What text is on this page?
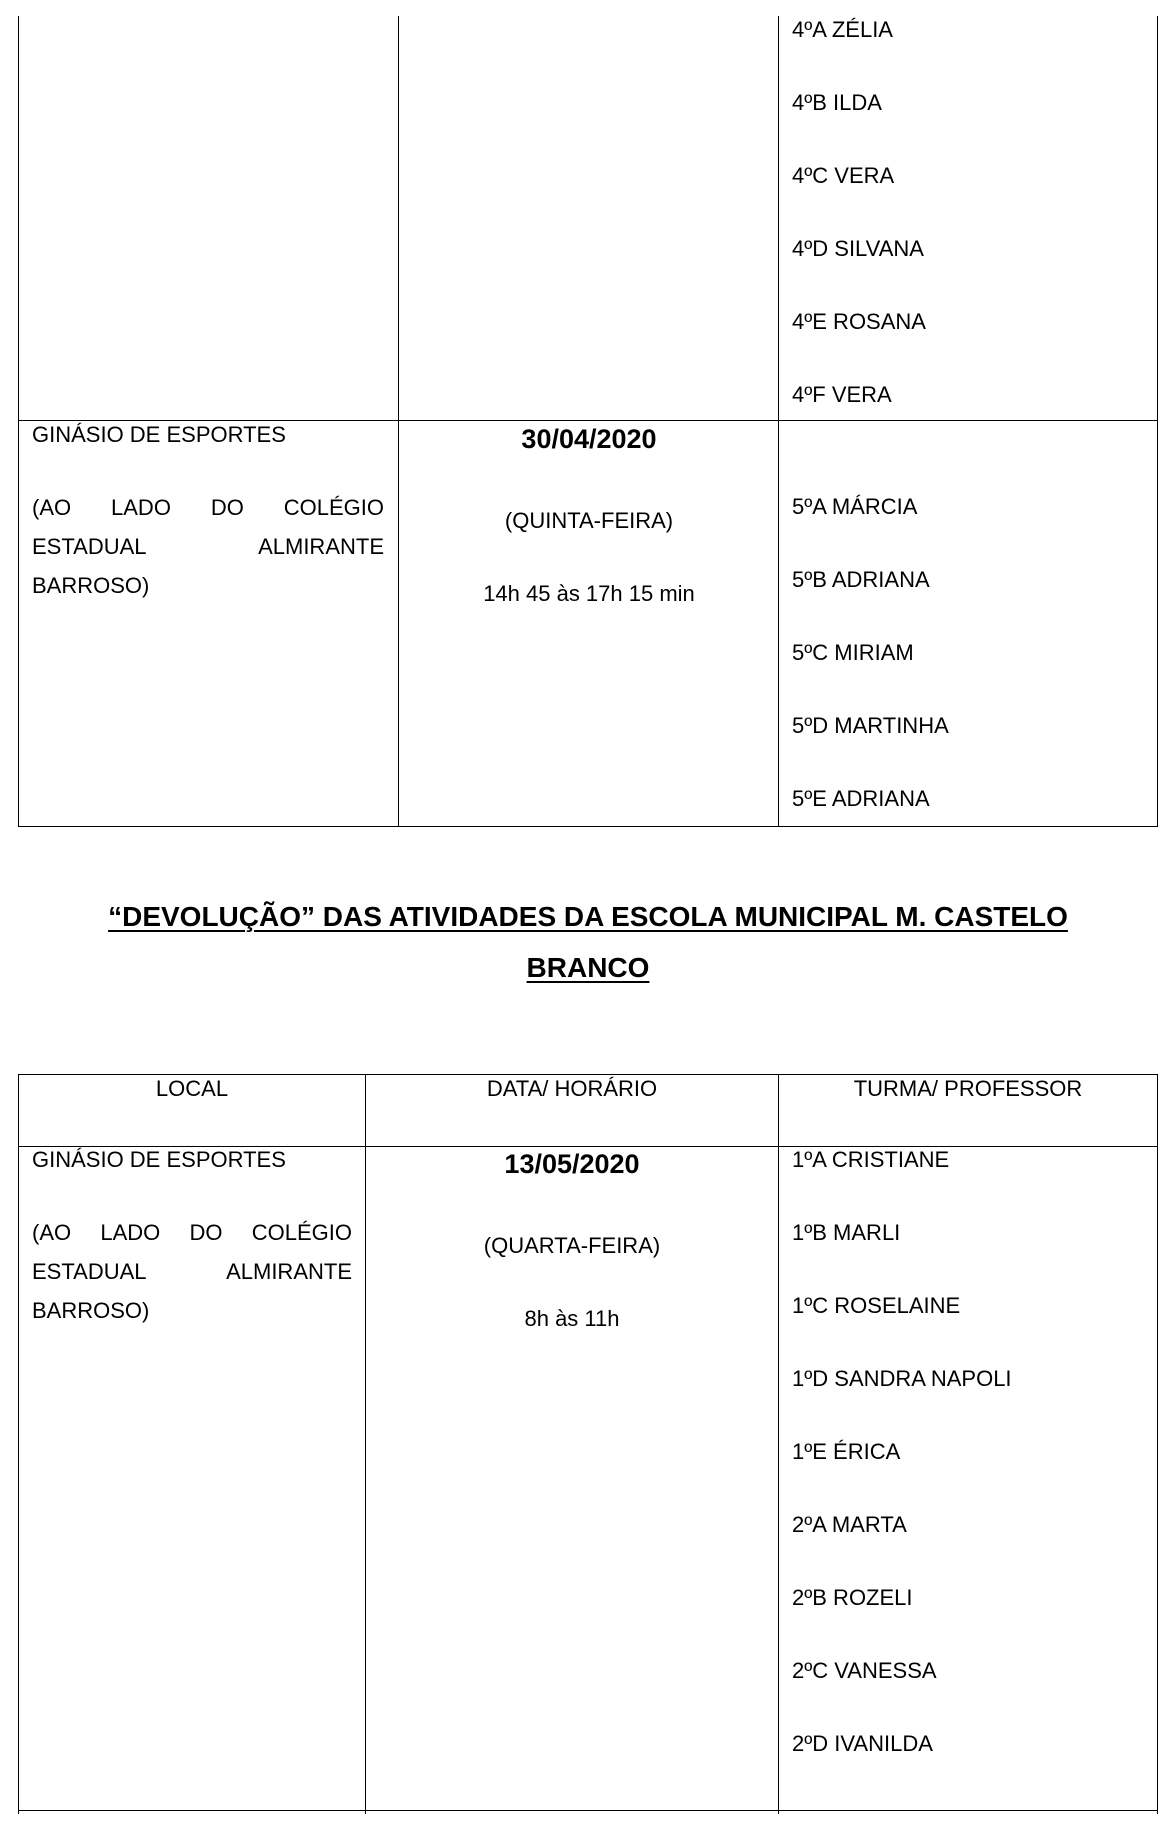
4ºA ZÉLIA
4ºB ILDA
4ºC VERA
4ºD SILVANA
4ºE ROSANA
4ºF VERA
GINÁSIO DE ESPORTES
(AO LADO DO COLÉGIO ESTADUAL ALMIRANTE BARROSO)
30/04/2020
(QUINTA-FEIRA)
14h 45 às 17h 15 min
5ºA MÁRCIA
5ºB ADRIANA
5ºC MIRIAM
5ºD MARTINHA
5ºE ADRIANA
“DEVOLUÇÃO” DAS ATIVIDADES DA ESCOLA MUNICIPAL M. CASTELO
BRANCO
LOCAL	DATA/ HORÁRIO	TURMA/ PROFESSOR
GINÁSIO DE ESPORTES
(AO LADO DO COLÉGIO ESTADUAL ALMIRANTE BARROSO)
13/05/2020
(QUARTA-FEIRA)
8h às 11h
1ºA CRISTIANE
1ºB MARLI
1ºC ROSELAINE
1ºD SANDRA NAPOLI
1ºE ÉRICA
2ºA MARTA
2ºB ROZELI
2ºC VANESSA
2ºD IVANILDA
